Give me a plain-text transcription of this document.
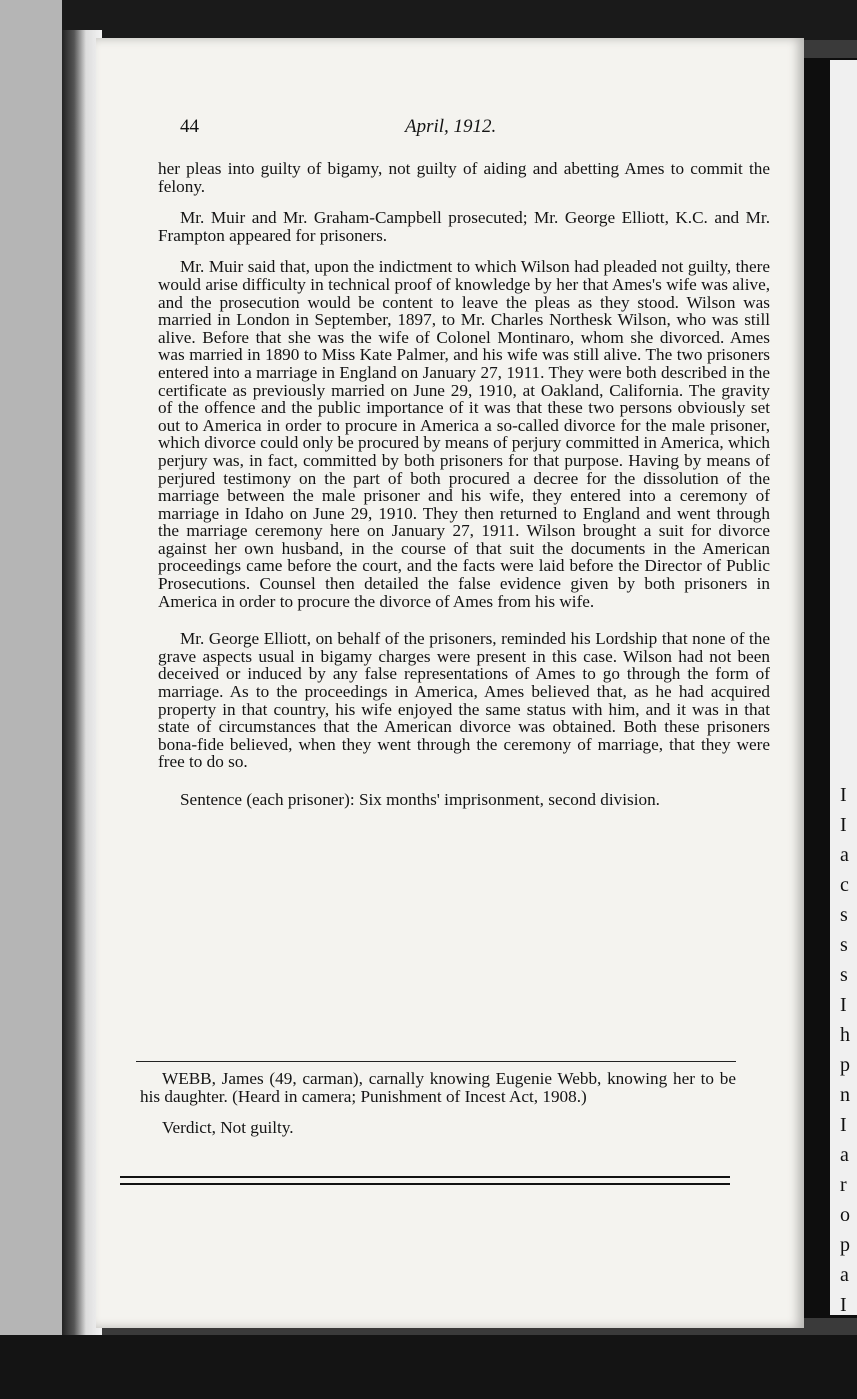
I
I
a
c
s
s
s
I
h
p
n
I
a
r
o
p
a
I
44	April, 1912.

her pleas into guilty of bigamy, not guilty of aiding and abetting Ames to commit the felony.

Mr. Muir and Mr. Graham-Campbell prosecuted; Mr. George Elliott, K.C. and Mr. Frampton appeared for prisoners.

Mr. Muir said that, upon the indictment to which Wilson had pleaded not guilty, there would arise difficulty in technical proof of knowledge by her that Ames's wife was alive, and the prosecution would be content to leave the pleas as they stood. Wilson was married in London in September, 1897, to Mr. Charles Northesk Wilson, who was still alive. Before that she was the wife of Colonel Montinaro, whom she divorced. Ames was married in 1890 to Miss Kate Palmer, and his wife was still alive. The two prisoners entered into a marriage in England on January 27, 1911. They were both described in the certificate as previously married on June 29, 1910, at Oakland, California. The gravity of the offence and the public importance of it was that these two persons obviously set out to America in order to procure in America a so-called divorce for the male prisoner, which divorce could only be procured by means of perjury committed in America, which perjury was, in fact, committed by both prisoners for that purpose. Having by means of perjured testimony on the part of both procured a decree for the dissolution of the marriage between the male prisoner and his wife, they entered into a ceremony of marriage in Idaho on June 29, 1910. They then returned to England and went through the marriage ceremony here on January 27, 1911. Wilson brought a suit for divorce against her own husband, in the course of that suit the documents in the American proceedings came before the court, and the facts were laid before the Director of Public Prosecutions. Counsel then detailed the false evidence given by both prisoners in America in order to procure the divorce of Ames from his wife.

Mr. George Elliott, on behalf of the prisoners, reminded his Lordship that none of the grave aspects usual in bigamy charges were present in this case. Wilson had not been deceived or induced by any false representations of Ames to go through the form of marriage. As to the proceedings in America, Ames believed that, as he had acquired property in that country, his wife enjoyed the same status with him, and it was in that state of circumstances that the American divorce was obtained. Both these prisoners bona-fide believed, when they went through the ceremony of marriage, that they were free to do so.

Sentence (each prisoner): Six months' imprisonment, second division.

WEBB, James (49, carman), carnally knowing Eugenie Webb, knowing her to be his daughter. (Heard in camera; Punishment of Incest Act, 1908.)

Verdict, Not guilty.
